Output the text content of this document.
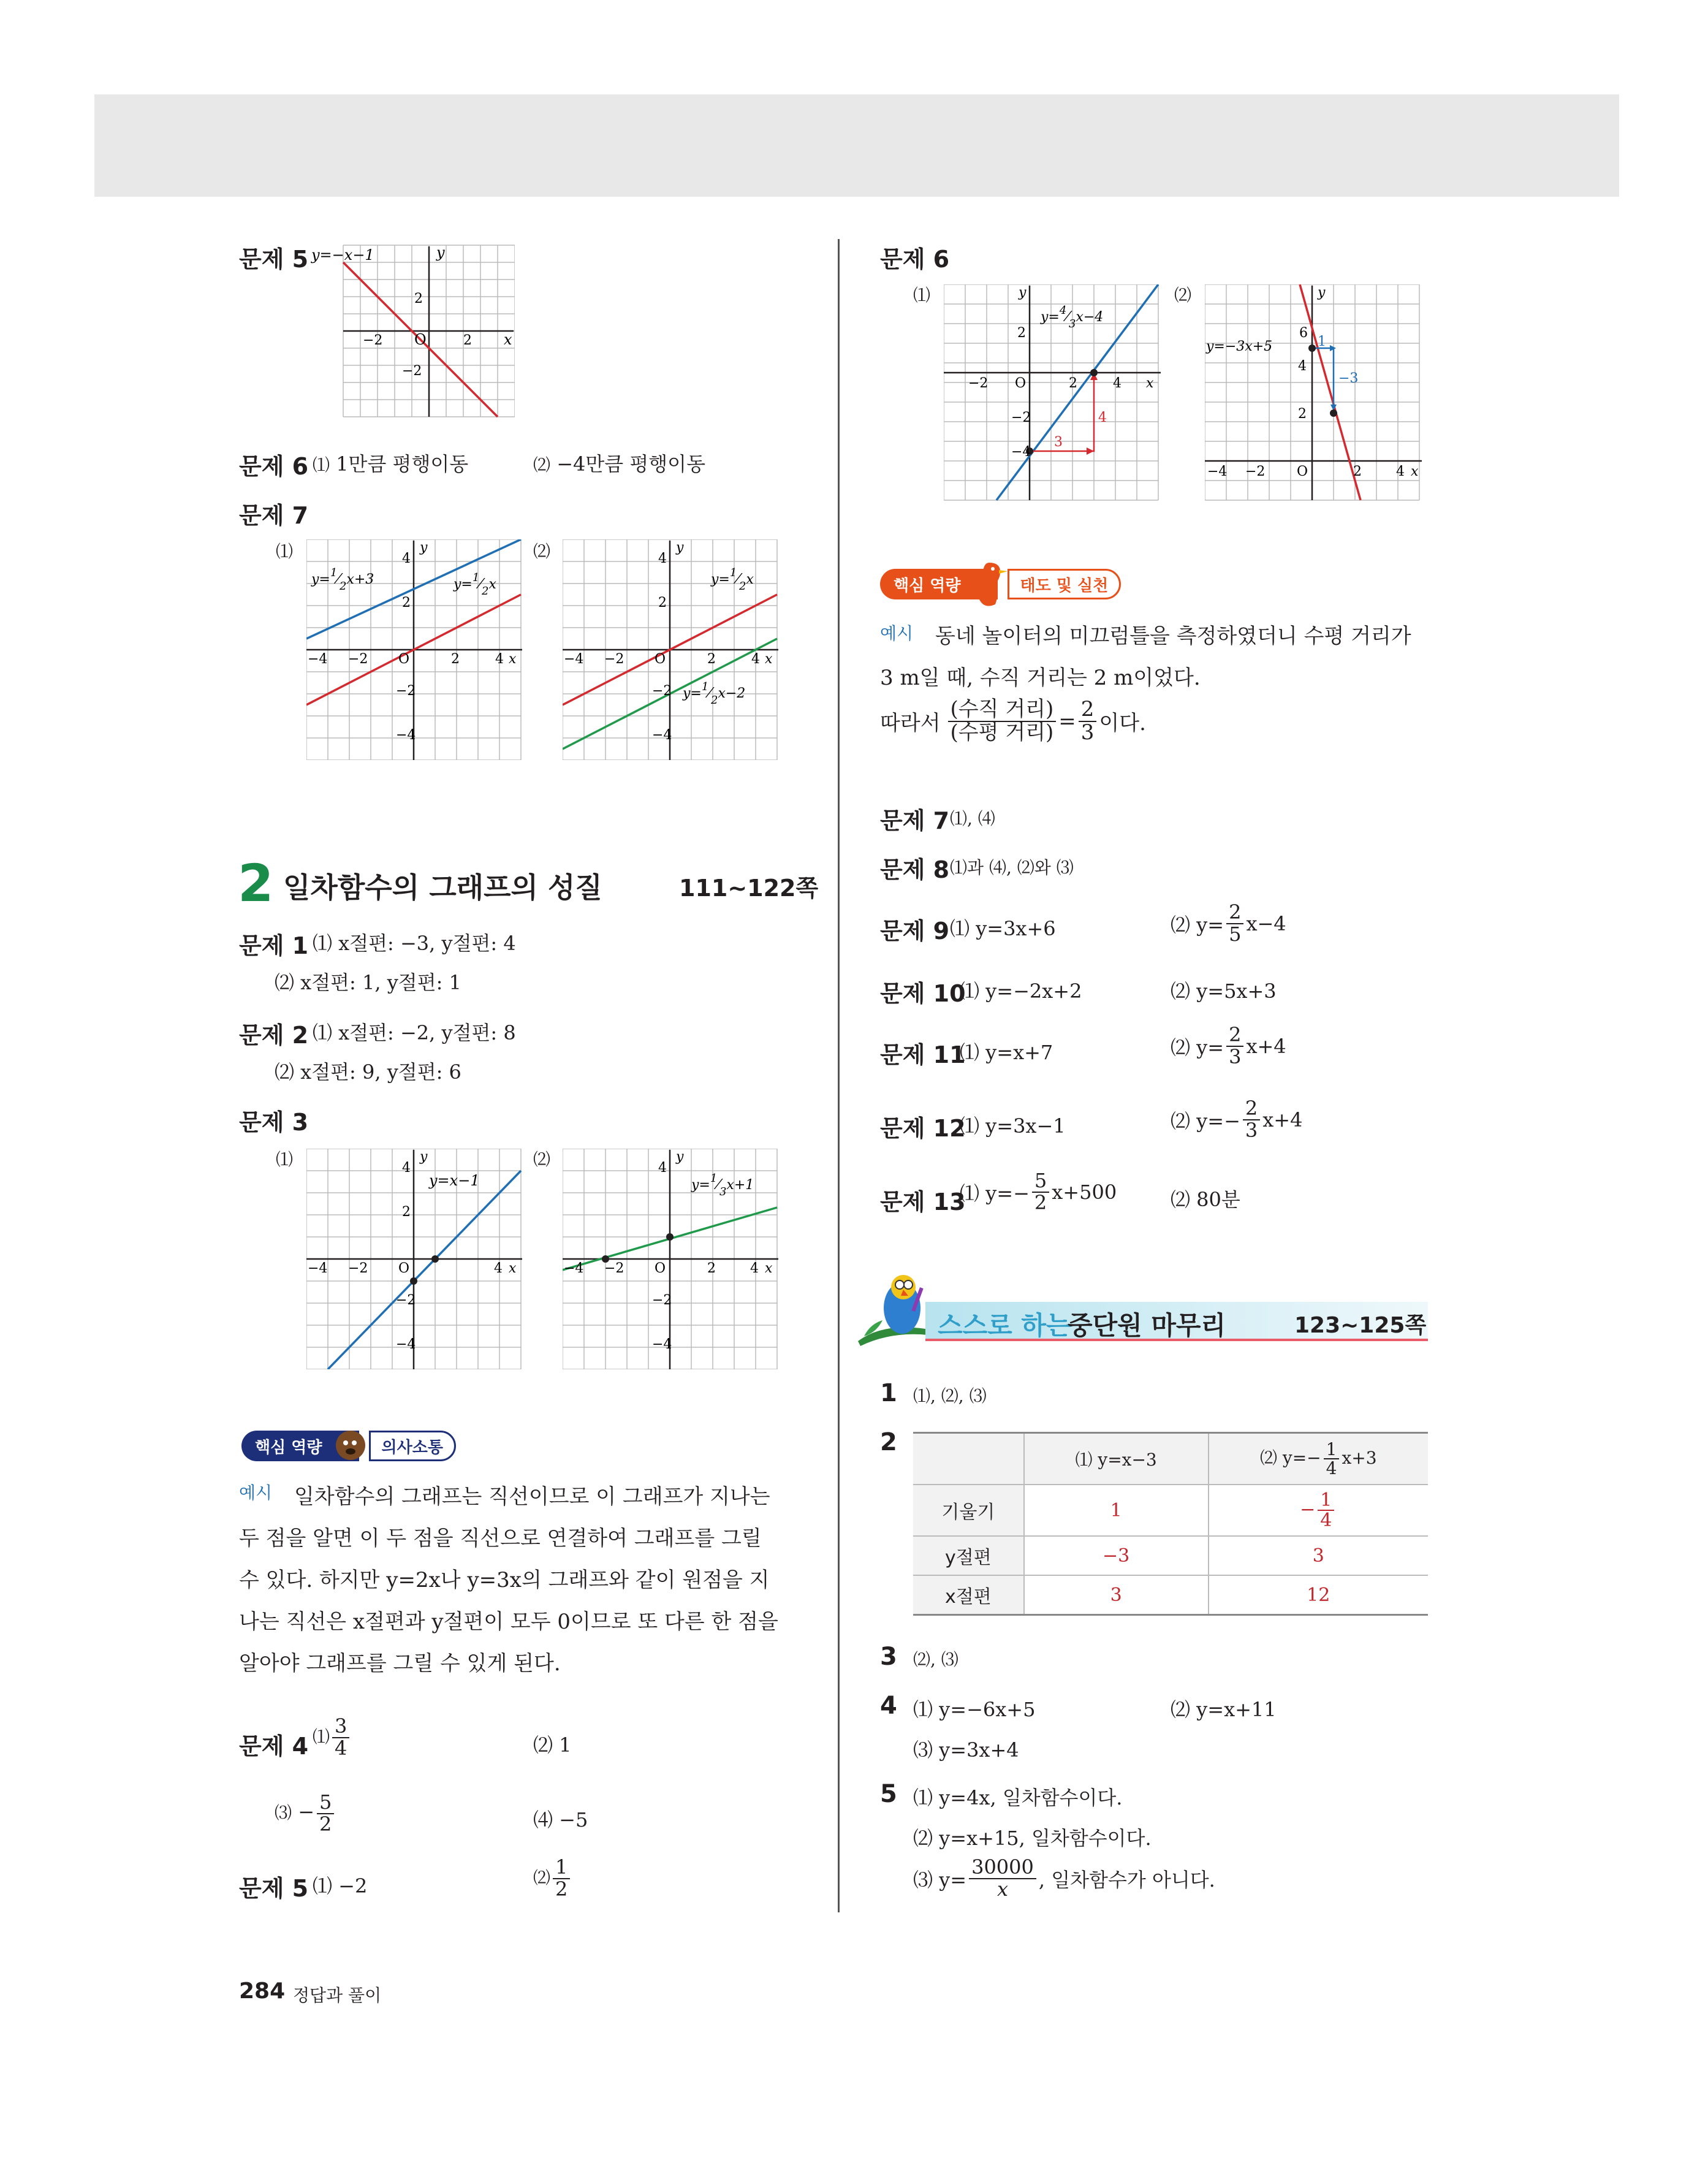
문제 5 y=−x−1	y
x
O
−2	2
2
−2
문제 6 ⑴ 1만큼 평행이동	⑵ −4만큼 평행이동
문제 7
⑴	y
x
O
−4 −2	2	4
4
2
−2
−4
$y=^1⁄_2x+3$	$y=^1⁄_2x$
⑵	y
x
O
−4 −2	2	4
4
2
−2
−4
$y=^1⁄_2x$
$y=^1⁄_2x-2$
2 일차함수의 그래프의 성질	111~122쪽
문제 1 ⑴ x절편: −3, y절편: 4
⑵ x절편: 1, y절편: 1
문제 2 ⑴ x절편: −2, y절편: 8
⑵ x절편: 9, y절편: 6
문제 3
⑴	y
x
O
−4 −2	4
4
2
−2
−4
y=x−1
⑵	y
x
O
−4 −2	2	4
4
−2
−4
$y=^1⁄_3x+1$
핵심 역량	의사소통
예시	일차함수의 그래프는 직선이므로 이 그래프가 지나는
두 점을 알면 이 두 점을 직선으로 연결하여 그래프를 그릴
수 있다. 하지만 y=2x나 y=3x의 그래프와 같이 원점을 지
나는 직선은 x절편과 y절편이 모두 0이므로 또 다른 한 점을
알아야 그래프를 그릴 수 있게 된다.
문제 4 ⑴ $\frac{3}{4}$	⑵ 1
⑶ − $\frac{5}{2}$	⑷ −5
문제 5 ⑴ −2	⑵ $\frac{1}{2}$
284 정답과 풀이
문제 6
⑴	y
x
O
−2	2	4
2
−2
−4
3
4
$y=^4⁄_3x-4$
⑵	y
x
O
−4 −2	2	4
6
4
2
y=−3x+5	1
−3
핵심 역량	태도 및 실천
예시 동네 놀이터의 미끄럼틀을 측정하였더니 수평 거리가
3 m일 때, 수직 거리는 2 m이었다.
따라서 $\frac{\text{(수직 거리)}}{\text{(수평 거리)}} = \frac{2}{3}$ 이다.
문제 7 ⑴, ⑷
문제 8 ⑴과 ⑷, ⑵와 ⑶
문제 9 ⑴ y=3x+6	⑵ $y= \frac{2}{5} x-4$
문제 10
⑴ y=−2x+2	⑵ y=5x+3
문제 11
⑴ y=x+7	⑵ $y= \frac{2}{3} x+4$
문제 12
⑴ y=3x−1	⑵ $y=- \frac{2}{3} x+4$
문제 13
⑴ $y=- \frac{5}{2} x+500$	⑵ 80분
스스로 하는
중단원 마무리	123~125쪽
1 ⑴, ⑵, ⑶
2
	⑴ y=x−3	⑵ $y=- \frac{1}{4} x+3$
기울기	1	− $\frac{1}{4}$

y절편	−3	3
x절편	3	12
3 ⑵, ⑶
4 ⑴ y=−6x+5	⑵ y=x+11
⑶ y=3x+4
5 ⑴ y=4x, 일차함수이다.
⑵ y=x+15, 일차함수이다.
⑶ $y= \frac{30000}{x}$ , 일차함수가 아니다.
